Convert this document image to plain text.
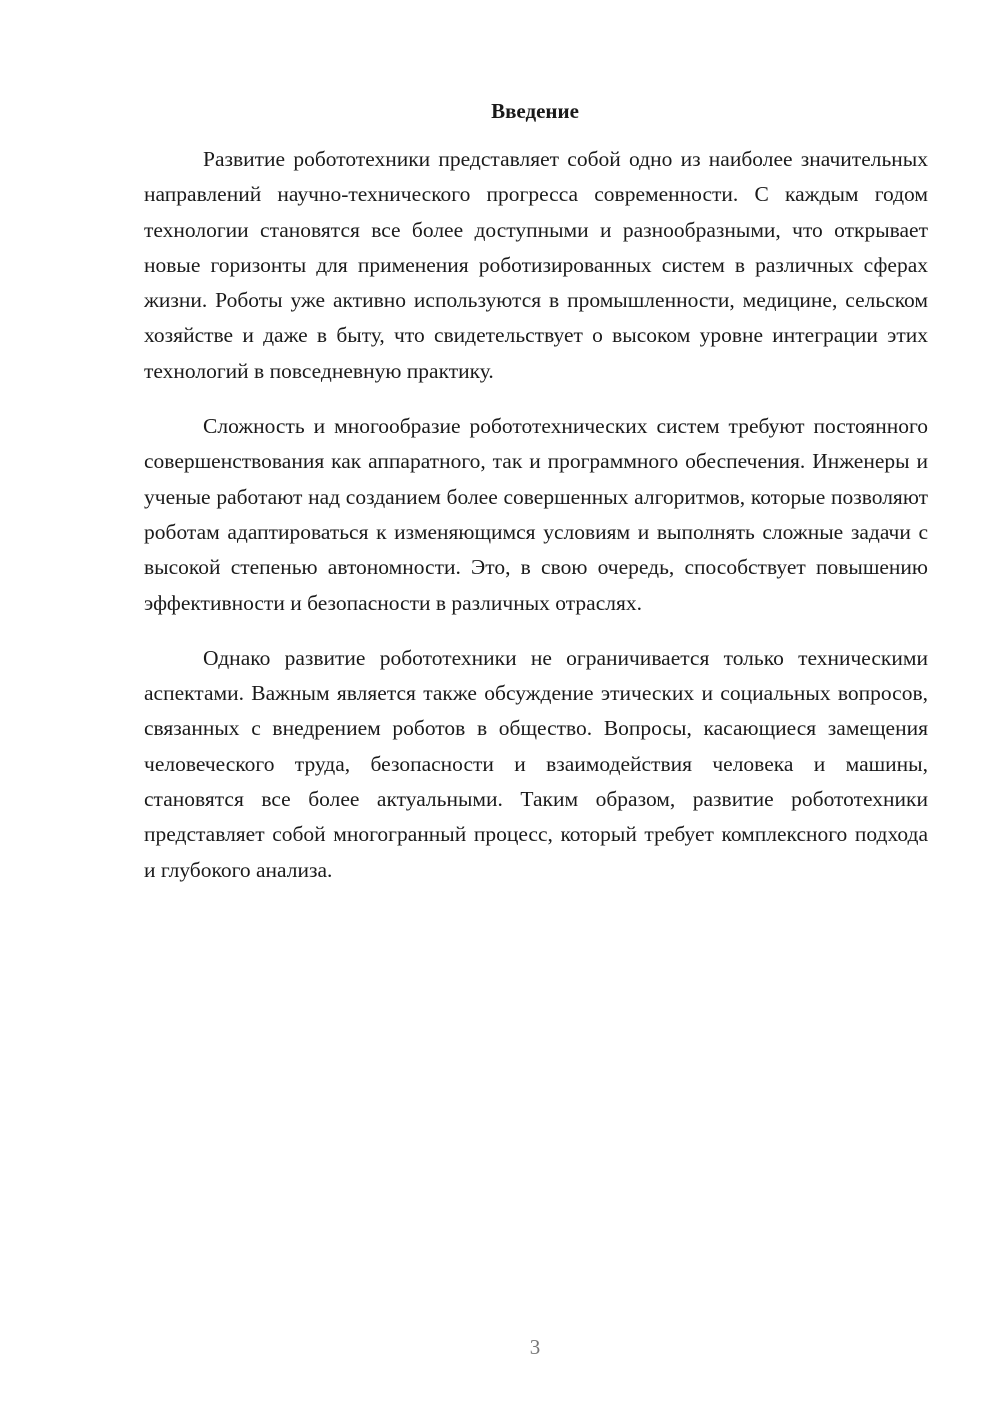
Введение

Развитие робототехники представляет собой одно из наиболее значительных направлений научно-технического прогресса современности. С каждым годом технологии становятся все более доступными и разнообразными, что открывает новые горизонты для применения роботизированных систем в различных сферах жизни. Роботы уже активно используются в промышленности, медицине, сельском хозяйстве и даже в быту, что свидетельствует о высоком уровне интеграции этих технологий в повседневную практику.

Сложность и многообразие робототехнических систем требуют постоянного совершенствования как аппаратного, так и программного обеспечения. Инженеры и ученые работают над созданием более совершенных алгоритмов, которые позволяют роботам адаптироваться к изменяющимся условиям и выполнять сложные задачи с высокой степенью автономности. Это, в свою очередь, способствует повышению эффективности и безопасности в различных отраслях.

Однако развитие робототехники не ограничивается только техническими аспектами. Важным является также обсуждение этических и социальных вопросов, связанных с внедрением роботов в общество. Вопросы, касающиеся замещения человеческого труда, безопасности и взаимодействия человека и машины, становятся все более актуальными. Таким образом, развитие робототехники представляет собой многогранный процесс, который требует комплексного подхода и глубокого анализа.

3
